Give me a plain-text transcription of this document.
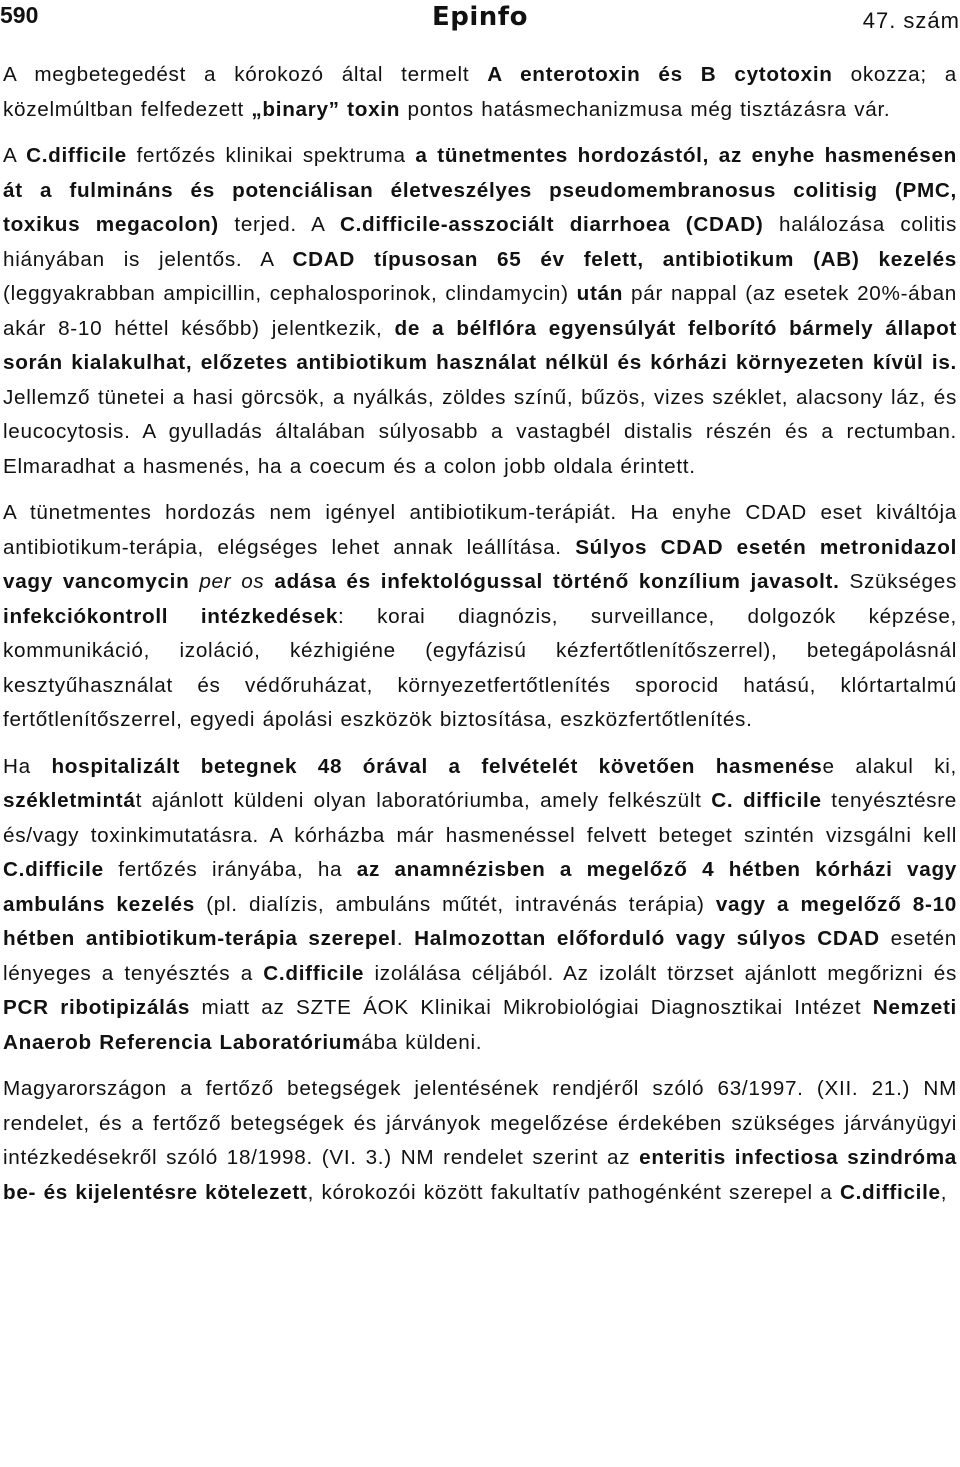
590	Epinfo	47. szám

A megbetegedést a kórokozó által termelt A enterotoxin és B cytotoxin okozza; a közelmúltban felfedezett „binary” toxin pontos hatásmechanizmusa még tisztázásra vár.

A C.difficile fertőzés klinikai spektruma a tünetmentes hordozástól, az enyhe hasmenésen át a fulmináns és potenciálisan életveszélyes pseudomembranosus colitisig (PMC, toxikus megacolon) terjed. A C.difficile-asszociált diarrhoea (CDAD) halálozása colitis hiányában is jelentős. A CDAD típusosan 65 év felett, antibiotikum (AB) kezelés (leggyakrabban ampicillin, cephalosporinok, clindamycin) után pár nappal (az esetek 20%-ában akár 8-10 héttel később) jelentkezik, de a bélflóra egyensúlyát felborító bármely állapot során kialakulhat, előzetes antibiotikum használat nélkül és kórházi környezeten kívül is. Jellemző tünetei a hasi görcsök, a nyálkás, zöldes színű, bűzös, vizes széklet, alacsony láz, és leucocytosis. A gyulladás általában súlyosabb a vastagbél distalis részén és a rectumban. Elmaradhat a hasmenés, ha a coecum és a colon jobb oldala érintett.

A tünetmentes hordozás nem igényel antibiotikum-terápiát. Ha enyhe CDAD eset kiváltója antibiotikum-terápia, elégséges lehet annak leállítása. Súlyos CDAD esetén metronidazol vagy vancomycin per os adása és infektológussal történő konzílium javasolt. Szükséges infekciókontroll intézkedések: korai diagnózis, surveillance, dolgozók képzése, kommunikáció, izoláció, kézhigiéne (egyfázisú kézfertőtlenítőszerrel), betegápolásnál kesztyűhasználat és védőruházat, környezetfertőtlenítés sporocid hatású, klórtartalmú fertőtlenítőszerrel, egyedi ápolási eszközök biztosítása, eszközfertőtlenítés.

Ha hospitalizált betegnek 48 órával a felvételét követően hasmenése alakul ki, székletmintát ajánlott küldeni olyan laboratóriumba, amely felkészült C. difficile tenyésztésre és/vagy toxinkimutatásra. A kórházba már hasmenéssel felvett beteget szintén vizsgálni kell C.difficile fertőzés irányába, ha az anamnézisben a megelőző 4 hétben kórházi vagy ambuláns kezelés (pl. dialízis, ambuláns műtét, intravénás terápia) vagy a megelőző 8-10 hétben antibiotikum-terápia szerepel. Halmozottan előforduló vagy súlyos CDAD esetén lényeges a tenyésztés a C.difficile izolálása céljából. Az izolált törzset ajánlott megőrizni és PCR ribotipizálás miatt az SZTE ÁOK Klinikai Mikrobiológiai Diagnosztikai Intézet Nemzeti Anaerob Referencia Laboratóriumába küldeni.

Magyarországon a fertőző betegségek jelentésének rendjéről szóló 63/1997. (XII. 21.) NM rendelet, és a fertőző betegségek és járványok megelőzése érdekében szükséges járványügyi intézkedésekről szóló 18/1998. (VI. 3.) NM rendelet szerint az enteritis infectiosa szindróma be- és kijelentésre kötelezett, kórokozói között fakultatív pathogénként szerepel a C.difficile,
